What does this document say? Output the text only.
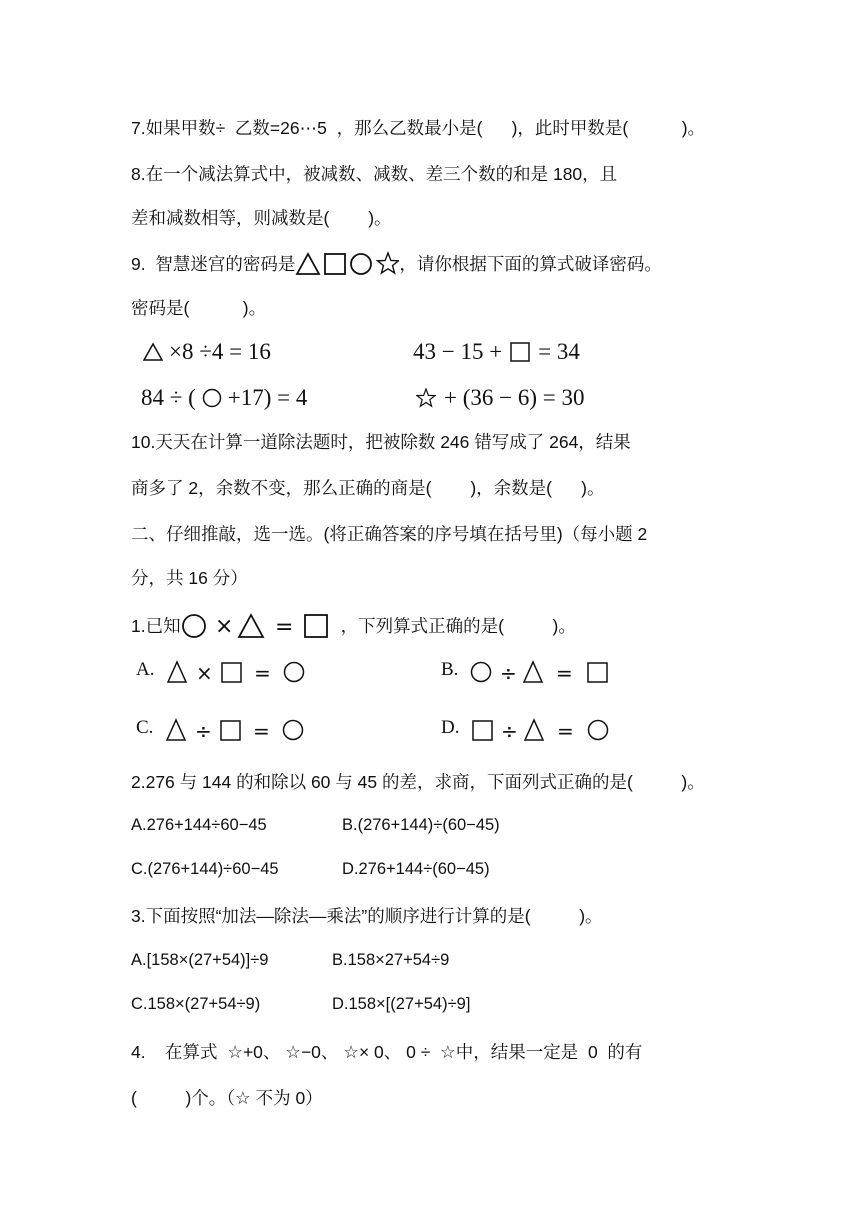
7.如果甲数÷  乙数=26⋯5  ，那么乙数最小是(      )，此时甲数是(           )。
8.在一个减法算式中，被减数、减数、差三个数的和是 180，且
差和减数相等，则减数是(        )。
9.  智慧迷宫的密码是	，请你根据下面的算式破译密码。
密码是(           )。
×8 ÷4 = 16	43 − 15 + = 34
84 ÷ ( +17) = 4	+ (36 − 6) = 30
10.天天在计算一道除法题时，把被除数 246 错写成了 264，结果
商多了 2，余数不变，那么正确的商是(        )，余数是(      )。
二、仔细推敲，选一选。(将正确答案的序号填在括号里)（每小题 2
分，共 16 分）
1.已知 × =	，下列算式正确的是(          )。
A. × =	B. ÷ =
C. ÷ =	D. ÷ =
2.276 与 144 的和除以 60 与 45 的差，求商，下面列式正确的是(          )。
A.276+144÷60−45	B.(276+144)÷(60−45)
C.(276+144)÷60−45	D.276+144÷(60−45)
3.下面按照“加法—除法—乘法”的顺序进行计算的是(          )。
A.[158×(27+54)]÷9	B.158×27+54÷9
C.158×(27+54÷9)	D.158×[(27+54)÷9]
4.    在算式  ☆+0、 ☆−0、 ☆× 0、 0 ÷  ☆中，结果一定是  0  的有
(          )个。（☆ 不为 0）
